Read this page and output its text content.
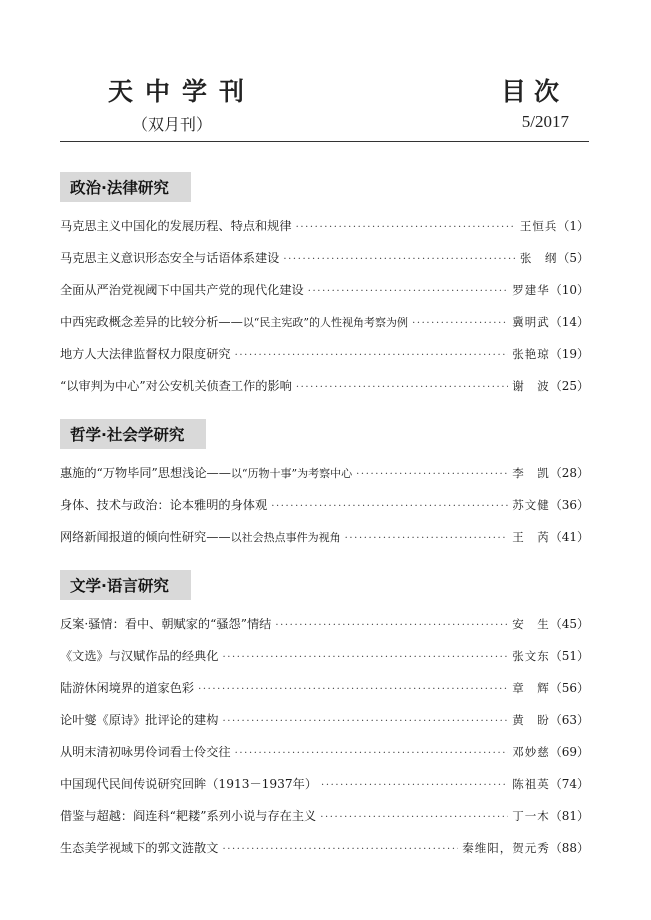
天中学刊	目次
（双月刊）	5/2017
政治·法律研究
马克思主义中国化的发展历程、特点和规律 ·····	王恒兵 （1）
马克思主义意识形态安全与话语体系建设 ·····	张　纲 （5）
全面从严治党视阈下中国共产党的现代化建设 ·····	罗建华 （10）
中西宪政概念差异的比较分析—— 以“民主宪政”的人性视角考察为例 ·····	冀明武 （14）
地方人大法律监督权力限度研究 ·····	张艳琼 （19）
“以审判为中心”对公安机关侦查工作的影响 ·····	谢　波 （25）
哲学·社会学研究
惠施的“万物毕同”思想浅论—— 以“历物十事”为考察中心 ·····	李　凯 （28）
身体、技术与政治：论本雅明的身体观 ·····	苏文健 （36）
网络新闻报道的倾向性研究—— 以社会热点事件为视角 ·····	王　芮 （41）
文学·语言研究
反案·骚情：看中、朝赋家的“骚怨”情结 ·····	安　生 （45）
《文选》与汉赋作品的经典化 ·····	张文东 （51）
陆游休闲境界的道家色彩 ·····	章　辉 （56）
论叶燮《原诗》批评论的建构 ·····	黄　盼 （63）
从明末清初咏男伶词看士伶交往 ·····	邓妙慈 （69）
中国现代民间传说研究回眸（1913－1937年） ·····	陈祖英 （74）
借鉴与超越：阎连科“耙耧”系列小说与存在主义 ·····	丁一木 （81）
生态美学视域下的郭文涟散文 ·····	秦维阳，贺元秀 （88）
